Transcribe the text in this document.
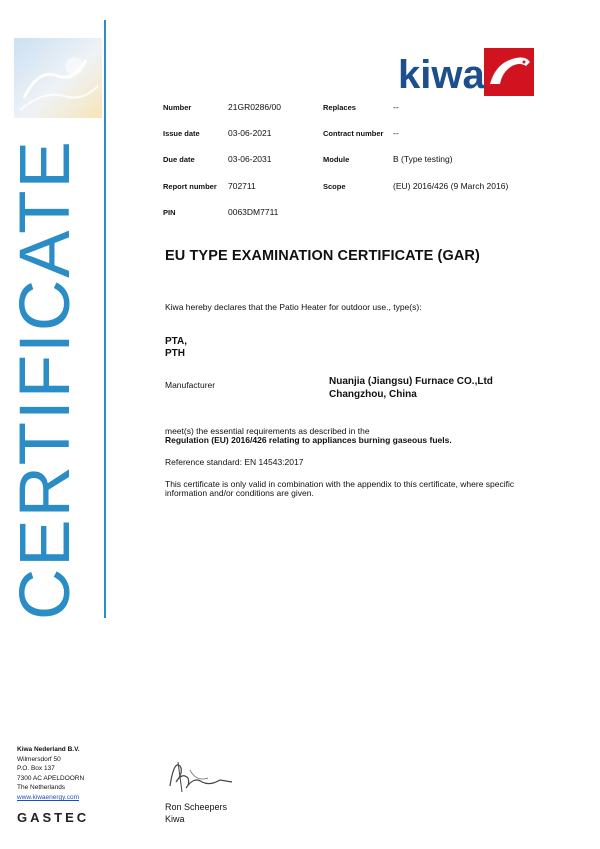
CERTIFICATE
kiwa
Number	21GR0286/00	Replaces	--
Issue date	03-06-2021	Contract number --
Due date	03-06-2031	Module	B (Type testing)
Report number 702711	Scope	(EU) 2016/426 (9 March 2016)
PIN	0063DM7711
EU TYPE EXAMINATION CERTIFICATE (GAR)
Kiwa hereby declares that the Patio Heater for outdoor use., type(s):
PTA,
PTH
Manufacturer	Nuanjia (Jiangsu) Furnace CO.,Ltd
Changzhou, China
meet(s) the essential requirements as described in the
Regulation (EU) 2016/426 relating to appliances burning gaseous fuels.
Reference standard: EN 14543:2017
This certificate is only valid in combination with the appendix to this certificate, where specific
information and/or conditions are given.
Kiwa Nederland B.V.
Wilmersdorf 50
P.O. Box 137
7300 AC APELDOORN
The Netherlands
www.kiwaenergy.com
GASTEC
Ron Scheepers
Kiwa
